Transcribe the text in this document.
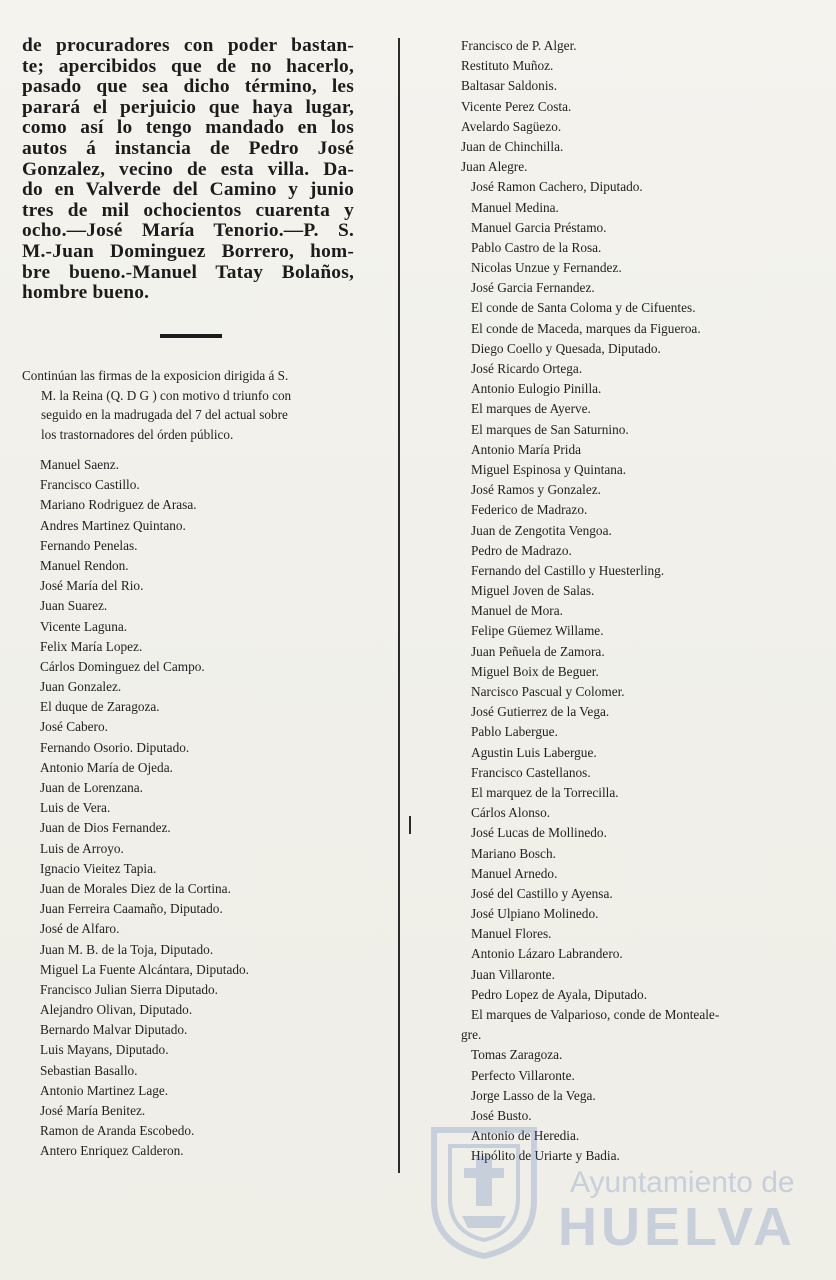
de procuradores con poder bastan-
te; apercibidos que de no hacerlo,
pasado que sea dicho término, les
parará el perjuicio que haya lugar,
como así lo tengo mandado en los
autos á instancia de Pedro José
Gonzalez, vecino de esta villa. Da-
do en Valverde del Camino y junio
tres de mil ochocientos cuarenta y
ocho.—José María Tenorio.—P. S.
M.-Juan Dominguez Borrero, hom-
bre bueno.-Manuel Tatay Bolaños,
hombre bueno.

Continúan las firmas de la exposicion dirigida á S.
M. la Reina (Q. D G ) con motivo d triunfo con
seguido en la madrugada del 7 del actual sobre
los trastornadores del órden público.
Manuel Saenz.
Francisco Castillo.
Mariano Rodriguez de Arasa.
Andres Martinez Quintano.
Fernando Penelas.
Manuel Rendon.
José María del Rio.
Juan Suarez.
Vicente Laguna.
Felix María Lopez.
Cárlos Dominguez del Campo.
Juan Gonzalez.
El duque de Zaragoza.
José Cabero.
Fernando Osorio. Diputado.
Antonio María de Ojeda.
Juan de Lorenzana.
Luis de Vera.
Juan de Dios Fernandez.
Luis de Arroyo.
Ignacio Vieitez Tapia.
Juan de Morales Diez de la Cortina.
Juan Ferreira Caamaño, Diputado.
José de Alfaro.
Juan M. B. de la Toja, Diputado.
Miguel La Fuente Alcántara, Diputado.
Francisco Julian Sierra Diputado.
Alejandro Olivan, Diputado.
Bernardo Malvar Diputado.
Luis Mayans, Diputado.
Sebastian Basallo.
Antonio Martinez Lage.
José María Benitez.
Ramon de Aranda Escobedo.
Antero Enriquez Calderon.
Francisco de P. Alger.
Restituto Muñoz.
Baltasar Saldonis.
Vicente Perez Costa.
Avelardo Sagüezo.
Juan de Chinchilla.
Juan Alegre.
José Ramon Cachero, Diputado.
Manuel Medina.
Manuel Garcia Préstamo.
Pablo Castro de la Rosa.
Nicolas Unzue y Fernandez.
José Garcia Fernandez.
El conde de Santa Coloma y de Cifuentes.
El conde de Maceda, marques da Figueroa.
Diego Coello y Quesada, Diputado.
José Ricardo Ortega.
Antonio Eulogio Pinilla.
El marques de Ayerve.
El marques de San Saturnino.
Antonio María Prida
Miguel Espinosa y Quintana.
José Ramos y Gonzalez.
Federico de Madrazo.
Juan de Zengotita Vengoa.
Pedro de Madrazo.
Fernando del Castillo y Huesterling.
Miguel Joven de Salas.
Manuel de Mora.
Felipe Güemez Willame.
Juan Peñuela de Zamora.
Miguel Boix de Beguer.
Narcisco Pascual y Colomer.
José Gutierrez de la Vega.
Pablo Labergue.
Agustin Luis Labergue.
Francisco Castellanos.
El marquez de la Torrecilla.
Cárlos Alonso.
José Lucas de Mollinedo.
Mariano Bosch.
Manuel Arnedo.
José del Castillo y Ayensa.
José Ulpiano Molinedo.
Manuel Flores.
Antonio Lázaro Labrandero.
Juan Villaronte.
Pedro Lopez de Ayala, Diputado.
El marques de Valparioso, conde de Monteale-
gre.
Tomas Zaragoza.
Perfecto Villaronte.
Jorge Lasso de la Vega.
José Busto.
Antonio de Heredia.
Hipólito de Uriarte y Badia.
Ayuntamiento de
HUELVA
